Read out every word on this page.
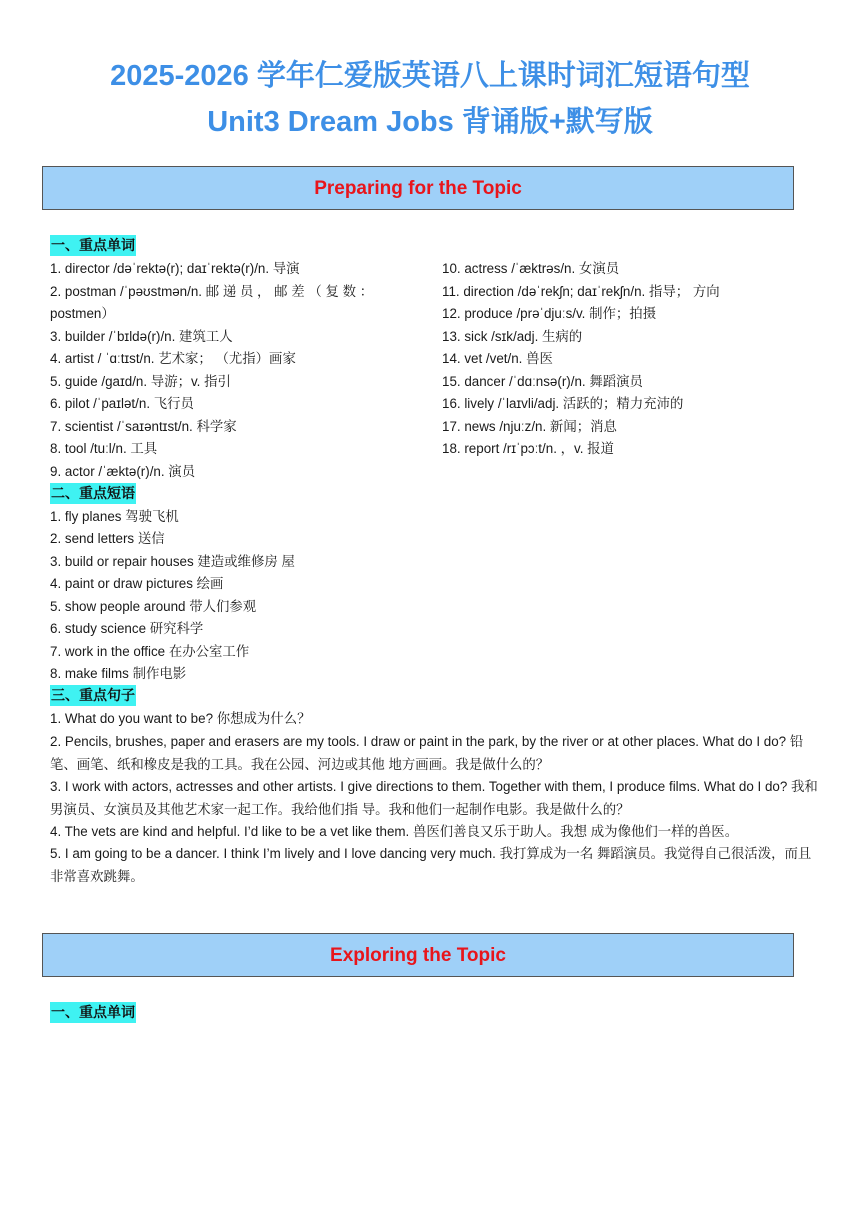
2025-2026 学年仁爱版英语八上课时词汇短语句型
Unit3 Dream Jobs 背诵版+默写版
Preparing for the Topic
一、重点单词
1. director /dəˈrektə(r); daɪˈrektə(r)/n. 导演
2. postman /ˈpəʊstmən/n. 邮 递 员 ， 邮 差 （ 复 数 ：
postmen）
3. builder /ˈbɪldə(r)/n. 建筑工人
4. artist / ˈɑːtɪst/n. 艺术家； （尤指）画家
5. guide /ɡaɪd/n. 导游；v. 指引
6. pilot /ˈpaɪlət/n. 飞行员
7. scientist /ˈsaɪəntɪst/n. 科学家
8. tool /tuːl/n. 工具
9. actor /ˈæktə(r)/n. 演员
10. actress /ˈæktrəs/n. 女演员
11. direction /dəˈrekʃn; daɪˈrekʃn/n. 指导； 方向
12. produce /prəˈdjuːs/v. 制作；拍摄
13. sick /sɪk/adj. 生病的
14. vet /vet/n. 兽医
15. dancer /ˈdɑːnsə(r)/n. 舞蹈演员
16. lively /ˈlaɪvli/adj. 活跃的；精力充沛的
17. news /njuːz/n. 新闻；消息
18. report /rɪˈpɔːt/n. ，v. 报道
二、重点短语
1. fly planes 驾驶飞机
2. send letters 送信
3. build or repair houses 建造或维修房 屋
4. paint or draw pictures 绘画
5. show people around 带人们参观
6. study science 研究科学
7. work in the office 在办公室工作
8. make films 制作电影
三、重点句子
1. What do you want to be? 你想成为什么？
2. Pencils, brushes, paper and erasers are my tools. I draw or paint in the park, by the river or at other places. What do I do? 铅笔、画笔、纸和橡皮是我的工具。我在公园、河边或其他 地方画画。我是做什么的？
3. I work with actors, actresses and other artists. I give directions to them. Together with them, I produce films. What do I do? 我和男演员、女演员及其他艺术家一起工作。我给他们指 导。我和他们一起制作电影。我是做什么的？
4. The vets are kind and helpful. I’d like to be a vet like them. 兽医们善良又乐于助人。我想 成为像他们一样的兽医。
5. I am going to be a dancer. I think I’m lively and I love dancing very much. 我打算成为一名 舞蹈演员。我觉得自己很活泼，而且非常喜欢跳舞。
Exploring the Topic
一、重点单词
